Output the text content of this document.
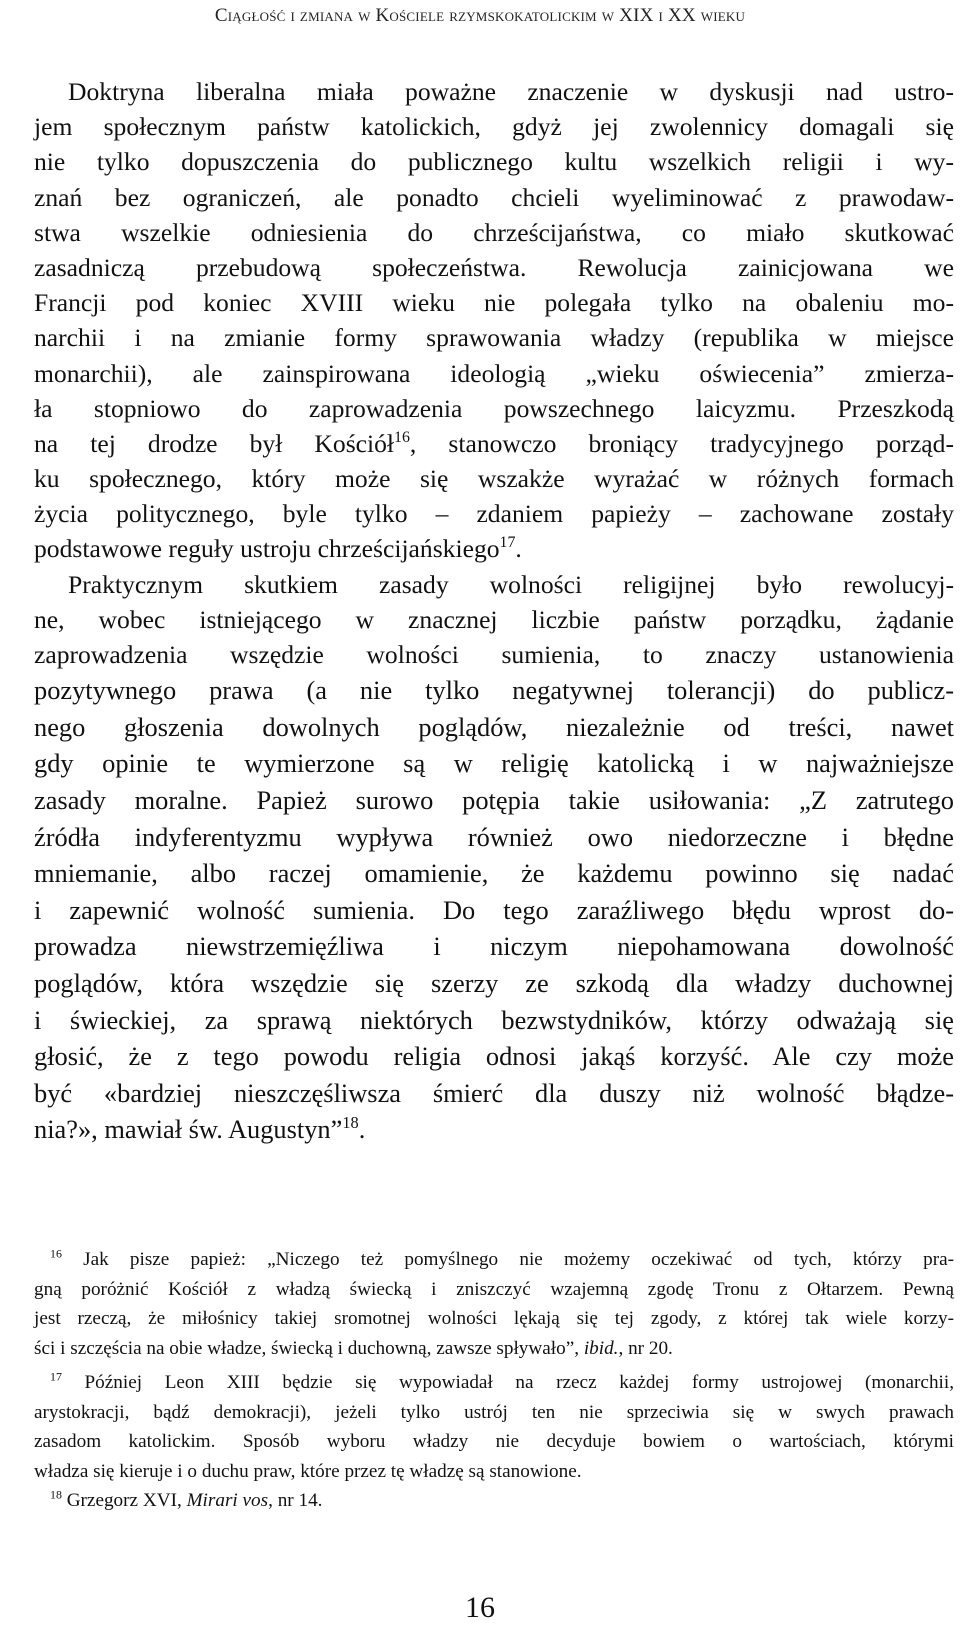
Ciągłość i zmiana w Kościele rzymskokatolickim w XIX i XX wieku
Doktryna liberalna miała poważne znaczenie w dyskusji nad ustro-
jem społecznym państw katolickich, gdyż jej zwolennicy domagali się
nie tylko dopuszczenia do publicznego kultu wszelkich religii i wy-
znań bez ograniczeń, ale ponadto chcieli wyeliminować z prawodaw-
stwa wszelkie odniesienia do chrześcijaństwa, co miało skutkować
zasadniczą przebudową społeczeństwa. Rewolucja zainicjowana we
Francji pod koniec XVIII wieku nie polegała tylko na obaleniu mo-
narchii i na zmianie formy sprawowania władzy (republika w miejsce
monarchii), ale zainspirowana ideologią „wieku oświecenia” zmierza-
ła stopniowo do zaprowadzenia powszechnego laicyzmu. Przeszkodą
na tej drodze był Kościół$^{16}$, stanowczo broniący tradycyjnego porząd-
ku społecznego, który może się wszakże wyrażać w różnych formach
życia politycznego, byle tylko – zdaniem papieży – zachowane zostały
podstawowe reguły ustroju chrześcijańskiego$^{17}$.
Praktycznym skutkiem zasady wolności religijnej było rewolucyj-
ne, wobec istniejącego w znacznej liczbie państw porządku, żądanie
zaprowadzenia wszędzie wolności sumienia, to znaczy ustanowienia
pozytywnego prawa (a nie tylko negatywnej tolerancji) do publicz-
nego głoszenia dowolnych poglądów, niezależnie od treści, nawet
gdy opinie te wymierzone są w religię katolicką i w najważniejsze
zasady moralne. Papież surowo potępia takie usiłowania: „Z zatrutego
źródła indyferentyzmu wypływa również owo niedorzeczne i błędne
mniemanie, albo raczej omamienie, że każdemu powinno się nadać
i zapewnić wolność sumienia. Do tego zaraźliwego błędu wprost do-
prowadza niewstrzemięźliwa i niczym niepohamowana dowolność
poglądów, która wszędzie się szerzy ze szkodą dla władzy duchownej
i świeckiej, za sprawą niektórych bezwstydników, którzy odważają się
głosić, że z tego powodu religia odnosi jakąś korzyść. Ale czy może
być «bardziej nieszczęśliwsza śmierć dla duszy niż wolność błądze-
nia?», mawiał św. Augustyn”$^{18}$.
$^{16}$ Jak pisze papież: „Niczego też pomyślnego nie możemy oczekiwać od tych, którzy pra-
gną poróżnić Kościół z władzą świecką i zniszczyć wzajemną zgodę Tronu z Ołtarzem. Pewną
jest rzeczą, że miłośnicy takiej sromotnej wolności lękają się tej zgody, z której tak wiele korzy-
ści i szczęścia na obie władze, świecką i duchowną, zawsze spływało”, ibid., nr 20.
$^{17}$ Później Leon XIII będzie się wypowiadał na rzecz każdej formy ustrojowej (monarchii,
arystokracji, bądź demokracji), jeżeli tylko ustrój ten nie sprzeciwia się w swych prawach
zasadom katolickim. Sposób wyboru władzy nie decyduje bowiem o wartościach, którymi
władza się kieruje i o duchu praw, które przez tę władzę są stanowione.
$^{18}$ Grzegorz XVI, Mirari vos, nr 14.
16
